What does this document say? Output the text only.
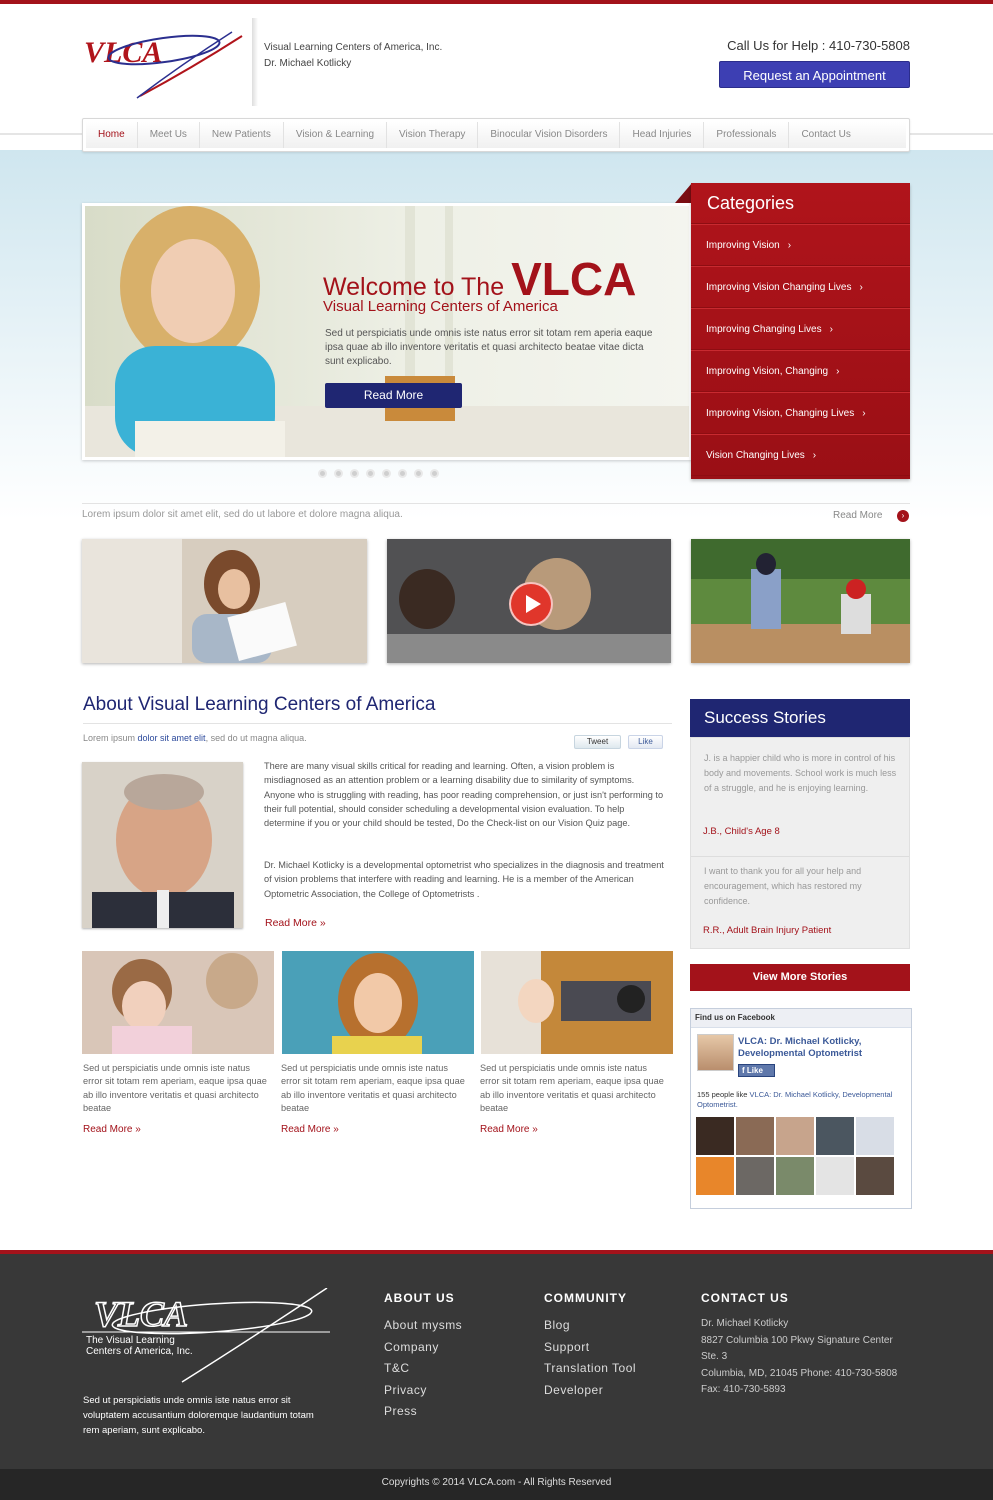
VLCA	Visual Learning Centers of America, Inc.
Dr. Michael Kotlicky
Call Us for Help : 410-730-5808
Request an Appointment
Home	Meet Us	New Patients	Vision & Learning	Vision Therapy	Binocular Vision Disorders	Head Injuries	Professionals	Contact Us
Welcome to The VLCA
Visual Learning Centers of America
Sed ut perspiciatis unde omnis iste natus error sit totam rem aperia eaque ipsa quae ab illo inventore veritatis et quasi architecto beatae vitae dicta sunt explicabo.
Read More
Categories
Improving Vision ›
Improving Vision Changing Lives ›
Improving Changing Lives ›
Improving Vision, Changing ›
Improving Vision, Changing Lives ›
Vision Changing Lives ›
Lorem ipsum dolor sit amet elit, sed do ut labore et dolore magna aliqua.	Read More	›
About Visual Learning Centers of America
Lorem ipsum dolor sit amet elit, sed do ut magna aliqua.	Tweet	Like
There are many visual skills critical for reading and learning. Often, a vision problem is misdiagnosed as an attention problem or a learning disability due to similarity of symptoms. Anyone who is struggling with reading, has poor reading comprehension, or just isn't performing to their full potential, should consider scheduling a developmental vision evaluation. To help determine if you or your child should be tested, Do the Check-list on our Vision Quiz page.
Dr. Michael Kotlicky is a developmental optometrist who specializes in the diagnosis and treatment of vision problems that interfere with reading and learning. He is a member of the American Optometric Association, the College of Optometrists .
Read More »
Sed ut perspiciatis unde omnis iste natus error sit totam rem aperiam, eaque ipsa quae ab illo inventore veritatis et quasi architecto beatae
Sed ut perspiciatis unde omnis iste natus error sit totam rem aperiam, eaque ipsa quae ab illo inventore veritatis et quasi architecto beatae
Sed ut perspiciatis unde omnis iste natus error sit totam rem aperiam, eaque ipsa quae ab illo inventore veritatis et quasi architecto beatae
Read More »	Read More »	Read More »
Success Stories
J. is a happier child who is more in control of his body and movements. School work is much less of a struggle, and he is enjoying learning.
J.B., Child's Age 8
I want to thank you for all your help and encouragement, which has restored my confidence.
R.R., Adult Brain Injury Patient
View More Stories
Find us on Facebook
VLCA: Dr. Michael Kotlicky, Developmental Optometrist
f Like
155 people like VLCA: Dr. Michael Kotlicky, Developmental Optometrist.
VLCA
The Visual Learning
Centers of America, Inc.
Sed ut perspiciatis unde omnis iste natus error sit voluptatem accusantium doloremque laudantium totam rem aperiam, sunt explicabo.
ABOUT US
About mysms
Company
T&C
Privacy
Press
COMMUNITY
Blog
Support
Translation Tool
Developer
CONTACT US
Dr. Michael Kotlicky
8827 Columbia 100 Pkwy Signature Center
Ste. 3
Columbia, MD, 21045 Phone: 410-730-5808
Fax: 410-730-5893
Copyrights © 2014 VLCA.com - All Rights Reserved
